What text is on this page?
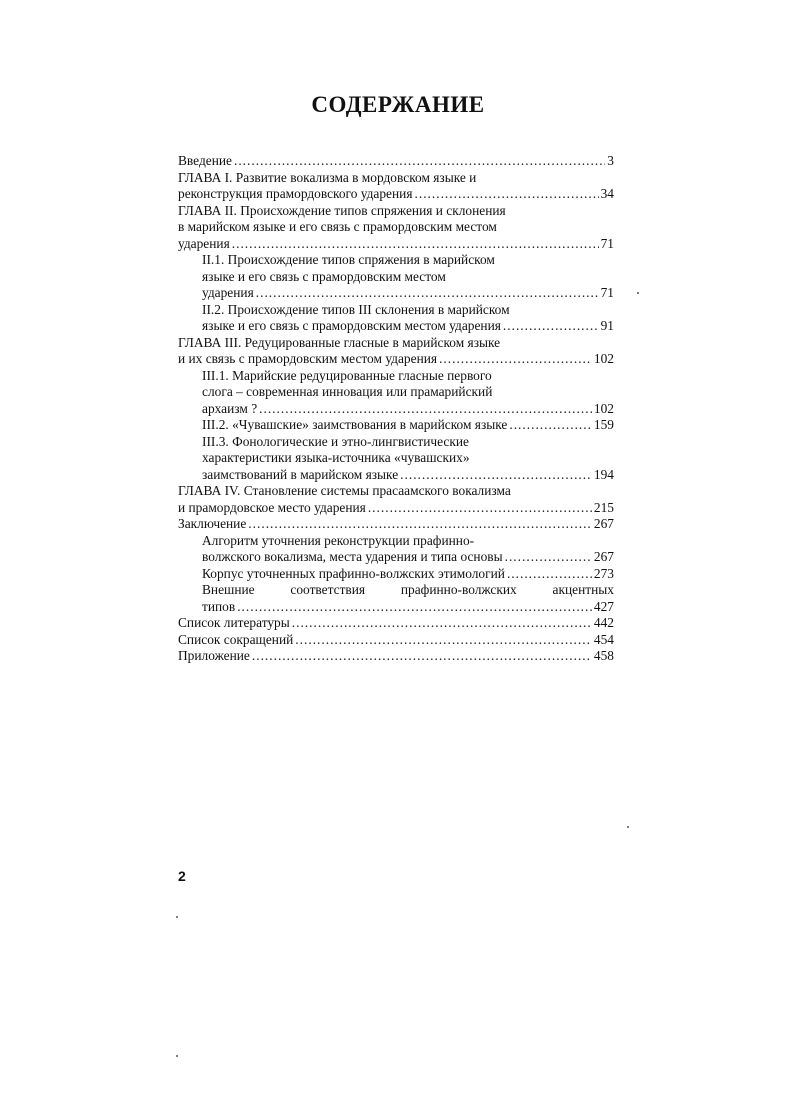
СОДЕРЖАНИЕ
Введение .....	3
ГЛАВА I. Развитие вокализма в мордовском языке и
реконструкция прамордовского ударения .....	34
ГЛАВА II. Происхождение типов спряжения и склонения
в марийском языке и его связь с прамордовским местом
ударения .....	71
II.1. Происхождение типов спряжения в марийском
языке и его связь с прамордовским местом
ударения .....	71
II.2. Происхождение типов III склонения в марийском
языке и его связь с прамордовским местом ударения .....	91
ГЛАВА III. Редуцированные гласные в марийском языке
и их связь с прамордовским местом ударения .....	102
III.1. Марийские редуцированные гласные первого
слога – современная инновация или прамарийский
архаизм ? .....	102
III.2. «Чувашские» заимствования в марийском языке .....	159
III.3. Фонологические и этно-лингвистические
характеристики языка-источника «чувашских»
заимствований в марийском языке .....	194
ГЛАВА IV. Становление системы прасаамского вокализма
и прамордовское место ударения .....	215
Заключение .....	267
Алгоритм уточнения реконструкции прафинно-
волжского вокализма, места ударения и типа основы .....	267
Корпус уточненных прафинно-волжских этимологий .....	273
Внешние	соответствия	прафинно-волжских	акцентных
типов .....	427
Список литературы .....	442
Список сокращений .....	454
Приложение .....	458
2
